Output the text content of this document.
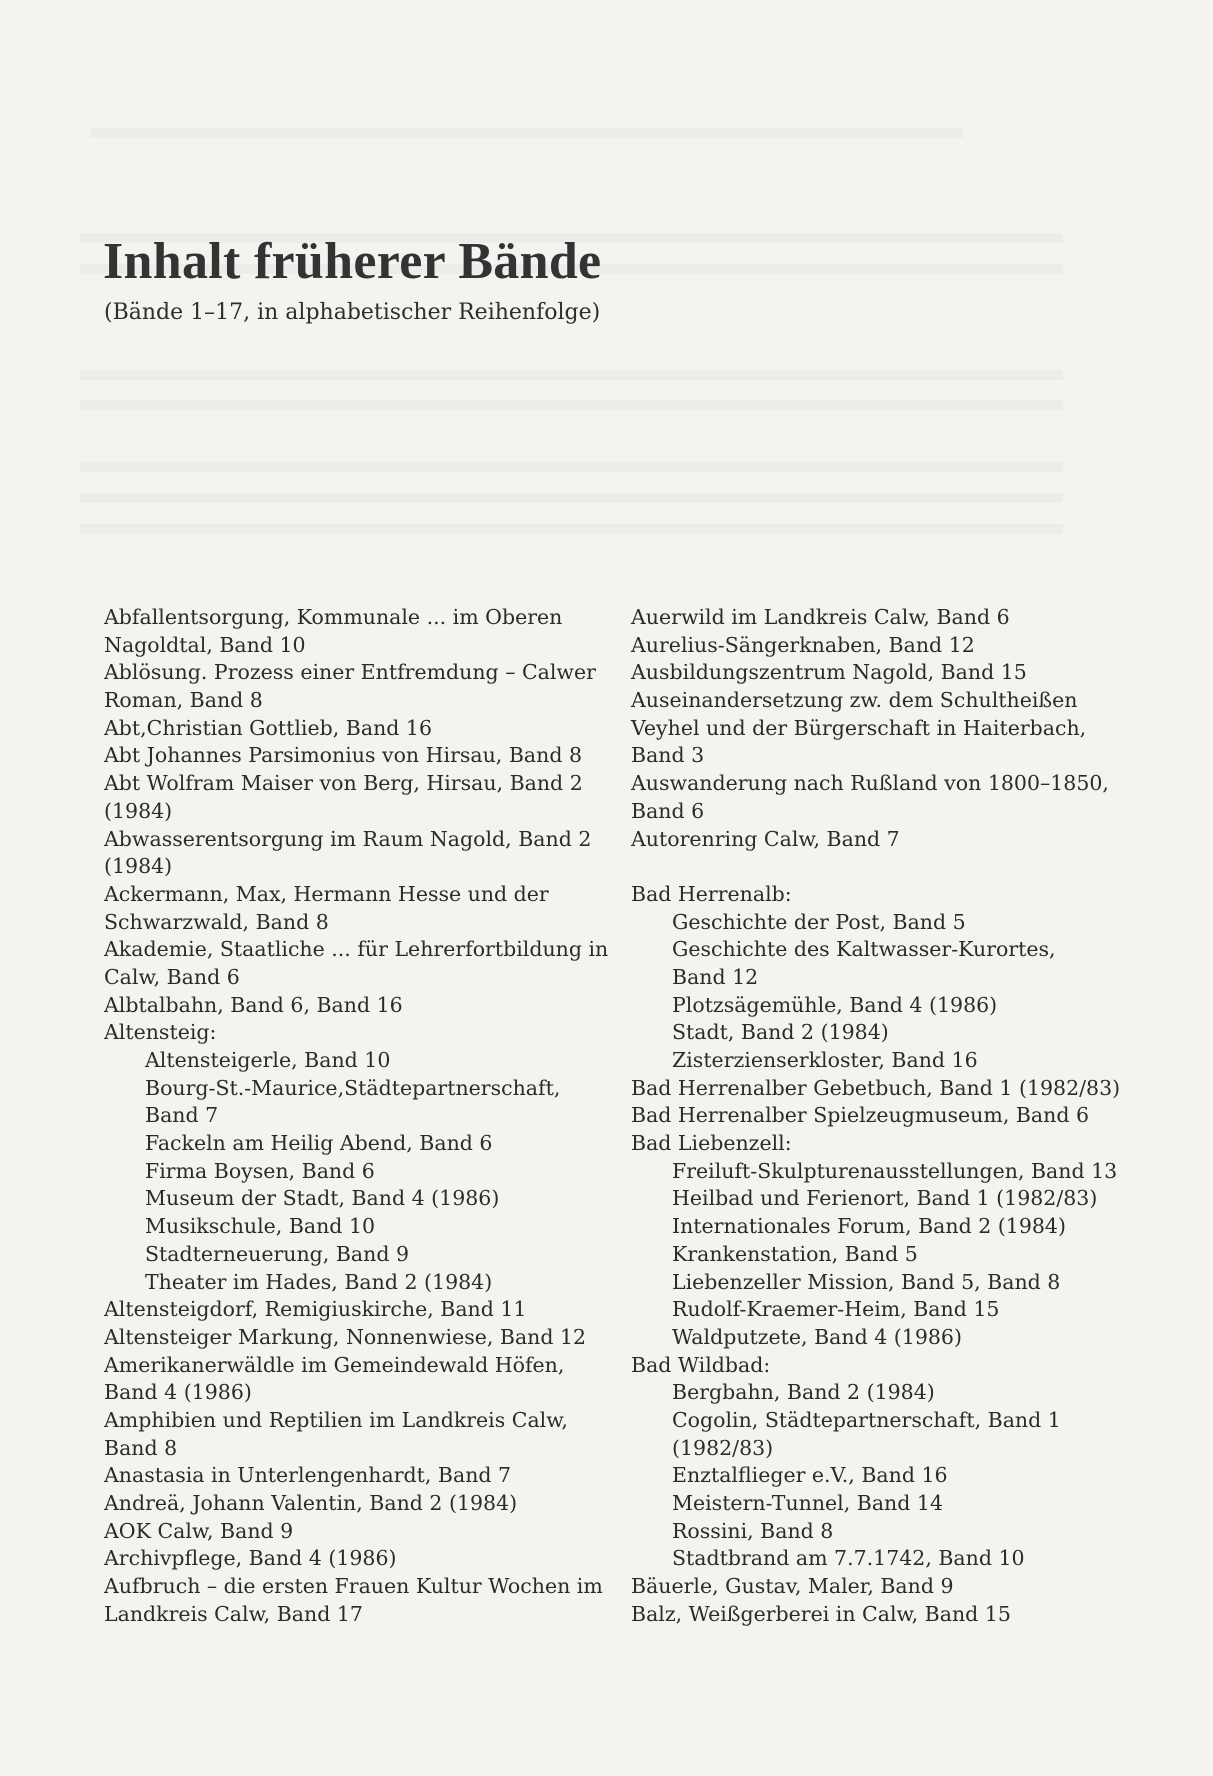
Inhalt früherer Bände

(Bände 1–17, in alphabetischer Reihenfolge)

Abfallentsorgung, Kommunale ... im Oberen
Nagoldtal, Band 10
Ablösung. Prozess einer Entfremdung – Calwer
Roman, Band 8
Abt,Christian Gottlieb, Band 16
Abt Johannes Parsimonius von Hirsau, Band 8
Abt Wolfram Maiser von Berg, Hirsau, Band 2
(1984)
Abwasserentsorgung im Raum Nagold, Band 2
(1984)
Ackermann, Max, Hermann Hesse und der
Schwarzwald, Band 8
Akademie, Staatliche ... für Lehrerfortbildung in
Calw, Band 6
Albtalbahn, Band 6, Band 16
Altensteig:
Altensteigerle, Band 10
Bourg-St.-Maurice,Städtepartnerschaft,
Band 7
Fackeln am Heilig Abend, Band 6
Firma Boysen, Band 6
Museum der Stadt, Band 4 (1986)
Musikschule, Band 10
Stadterneuerung, Band 9
Theater im Hades, Band 2 (1984)
Altensteigdorf, Remigiuskirche, Band 11
Altensteiger Markung, Nonnenwiese, Band 12
Amerikanerwäldle im Gemeindewald Höfen,
Band 4 (1986)
Amphibien und Reptilien im Landkreis Calw,
Band 8
Anastasia in Unterlengenhardt, Band 7
Andreä, Johann Valentin, Band 2 (1984)
AOK Calw, Band 9
Archivpflege, Band 4 (1986)
Aufbruch – die ersten Frauen Kultur Wochen im
Landkreis Calw, Band 17
Auerwild im Landkreis Calw, Band 6
Aurelius-Sängerknaben, Band 12
Ausbildungszentrum Nagold, Band 15
Auseinandersetzung zw. dem Schultheißen
Veyhel und der Bürgerschaft in Haiterbach,
Band 3
Auswanderung nach Rußland von 1800–1850,
Band 6
Autorenring Calw, Band 7
Bad Herrenalb:
Geschichte der Post, Band 5
Geschichte des Kaltwasser-Kurortes,
Band 12
Plotzsägemühle, Band 4 (1986)
Stadt, Band 2 (1984)
Zisterzienserkloster, Band 16
Bad Herrenalber Gebetbuch, Band 1 (1982/83)
Bad Herrenalber Spielzeugmuseum, Band 6
Bad Liebenzell:
Freiluft-Skulpturenausstellungen, Band 13
Heilbad und Ferienort, Band 1 (1982/83)
Internationales Forum, Band 2 (1984)
Krankenstation, Band 5
Liebenzeller Mission, Band 5, Band 8
Rudolf-Kraemer-Heim, Band 15
Waldputzete, Band 4 (1986)
Bad Wildbad:
Bergbahn, Band 2 (1984)
Cogolin, Städtepartnerschaft, Band 1
(1982/83)
Enztalflieger e.V., Band 16
Meistern-Tunnel, Band 14
Rossini, Band 8
Stadtbrand am 7.7.1742, Band 10
Bäuerle, Gustav, Maler, Band 9
Balz, Weißgerberei in Calw, Band 15
